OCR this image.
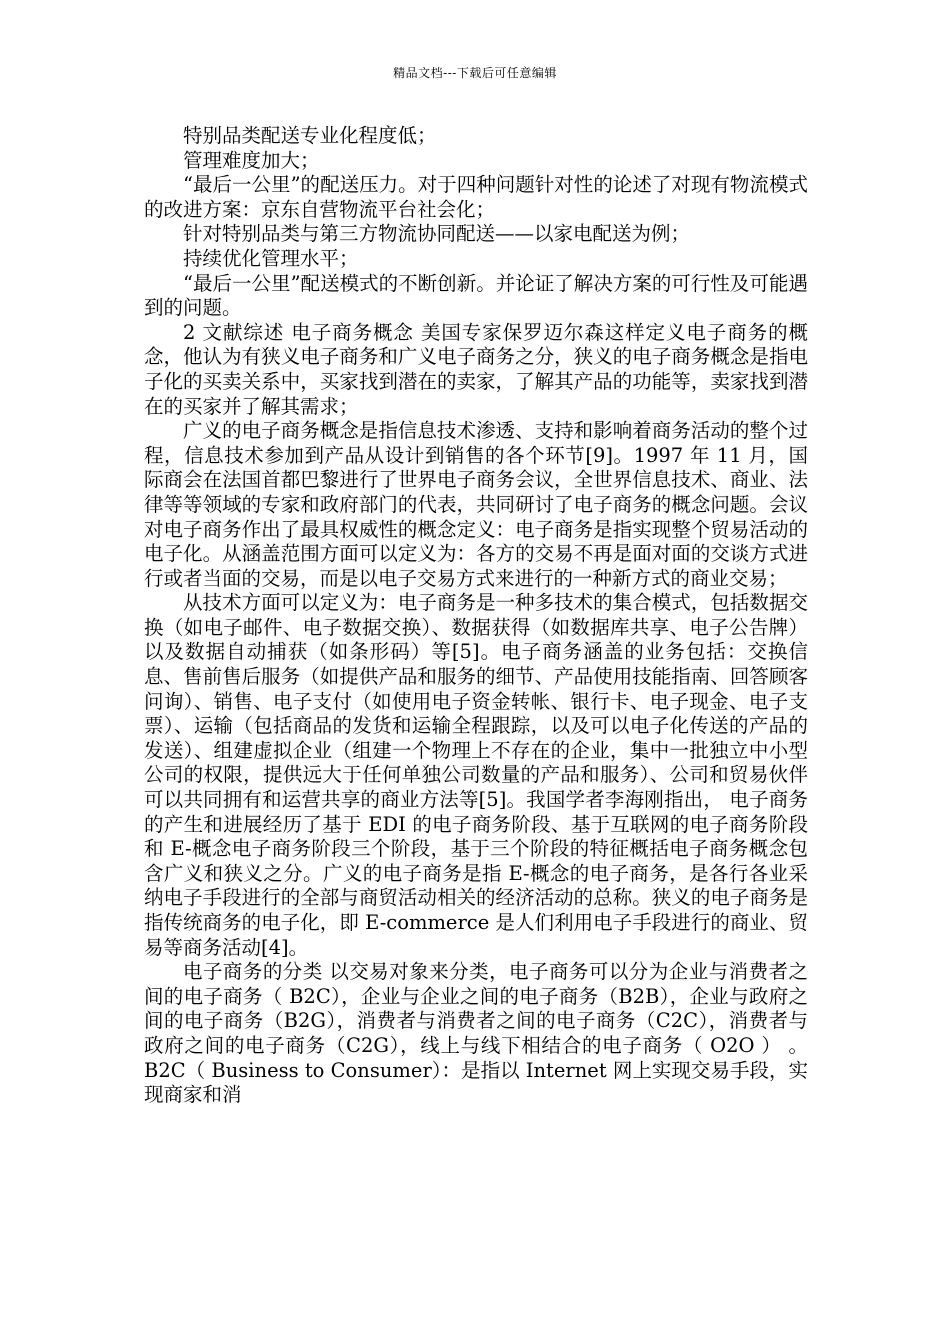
精品文档---下载后可任意编辑

特别品类配送专业化程度低；

管理难度加大；

“最后一公里”的配送压力。对于四种问题针对性的论述了对现有物流模式的改进方案：京东自营物流平台社会化；

针对特别品类与第三方物流协同配送——以家电配送为例；

持续优化管理水平；

“最后一公里”配送模式的不断创新。并论证了解决方案的可行性及可能遇到的问题。

2 文献综述 电子商务概念 美国专家保罗迈尔森这样定义电子商务的概念，他认为有狭义电子商务和广义电子商务之分，狭义的电子商务概念是指电子化的买卖关系中，买家找到潜在的卖家，了解其产品的功能等，卖家找到潜在的买家并了解其需求；

广义的电子商务概念是指信息技术渗透、支持和影响着商务活动的整个过程，信息技术参加到产品从设计到销售的各个环节[9]。1997 年 11 月，国际商会在法国首都巴黎进行了世界电子商务会议，全世界信息技术、商业、法律等等领域的专家和政府部门的代表，共同研讨了电子商务的概念问题。会议对电子商务作出了最具权威性的概念定义：电子商务是指实现整个贸易活动的电子化。从涵盖范围方面可以定义为：各方的交易不再是面对面的交谈方式进行或者当面的交易，而是以电子交易方式来进行的一种新方式的商业交易；

从技术方面可以定义为：电子商务是一种多技术的集合模式，包括数据交换（如电子邮件、电子数据交换）、数据获得（如数据库共享、电子公告牌）以及数据自动捕获（如条形码）等[5]。电子商务涵盖的业务包括：交换信息、售前售后服务（如提供产品和服务的细节、产品使用技能指南、回答顾客问询）、销售、电子支付（如使用电子资金转帐、银行卡、电子现金、电子支票）、运输（包括商品的发货和运输全程跟踪，以及可以电子化传送的产品的发送）、组建虚拟企业（组建一个物理上不存在的企业，集中一批独立中小型公司的权限，提供远大于任何单独公司数量的产品和服务）、公司和贸易伙伴可以共同拥有和运营共享的商业方法等[5]。我国学者李海刚指出， 电子商务的产生和进展经历了基于 EDI 的电子商务阶段、基于互联网的电子商务阶段和 E-概念电子商务阶段三个阶段，基于三个阶段的特征概括电子商务概念包含广义和狭义之分。广义的电子商务是指 E-概念的电子商务，是各行各业采纳电子手段进行的全部与商贸活动相关的经济活动的总称。狭义的电子商务是指传统商务的电子化，即 E-commerce 是人们利用电子手段进行的商业、贸易等商务活动[4]。

电子商务的分类 以交易对象来分类，电子商务可以分为企业与消费者之间的电子商务（ B2C），企业与企业之间的电子商务（B2B），企业与政府之间的电子商务（B2G），消费者与消费者之间的电子商务（C2C），消费者与政府之间的电子商务（C2G），线上与线下相结合的电子商务（ O2O ） 。B2C（ Business to Consumer）：是指以 Internet 网上实现交易手段，实现商家和消
